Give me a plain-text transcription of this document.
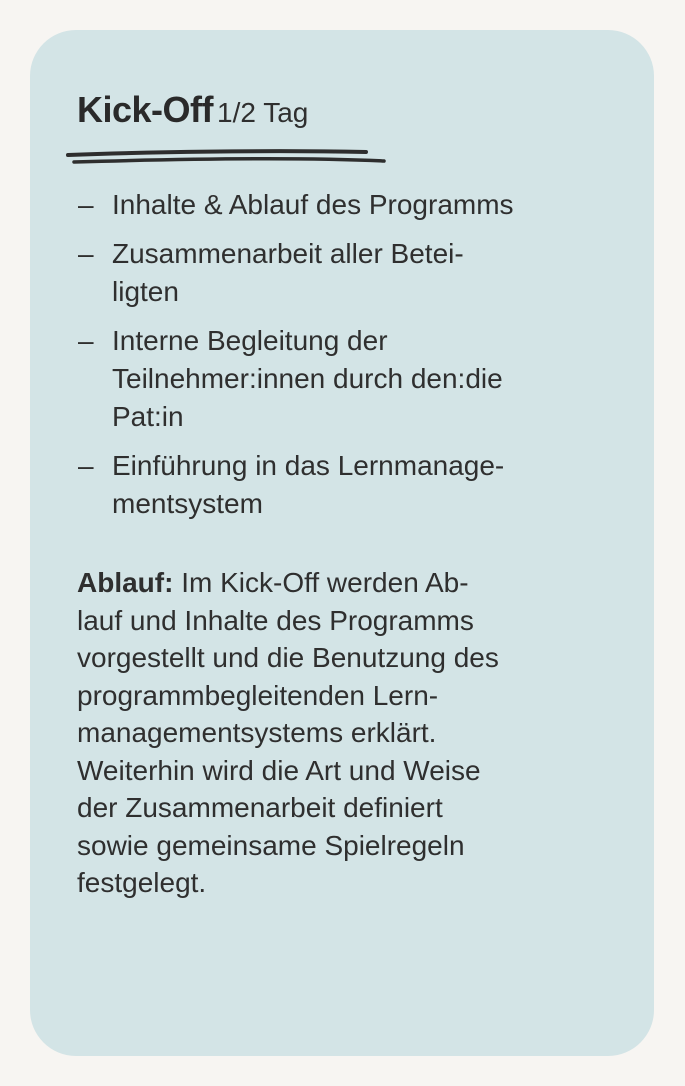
Kick-Off 1/2 Tag
– Inhalte & Ablauf des Programms
– Zusammenarbeit aller Betei-
ligten
– Interne Begleitung der
Teilnehmer:innen durch den:die
Pat:in
– Einführung in das Lernmanage-
mentsystem

Ablauf: Im Kick-Off werden Ab-
lauf und Inhalte des Programms
vorgestellt und die Benutzung des
programmbegleitenden Lern-
managementsystems erklärt.
Weiterhin wird die Art und Weise
der Zusammenarbeit definiert
sowie gemeinsame Spielregeln
festgelegt.
